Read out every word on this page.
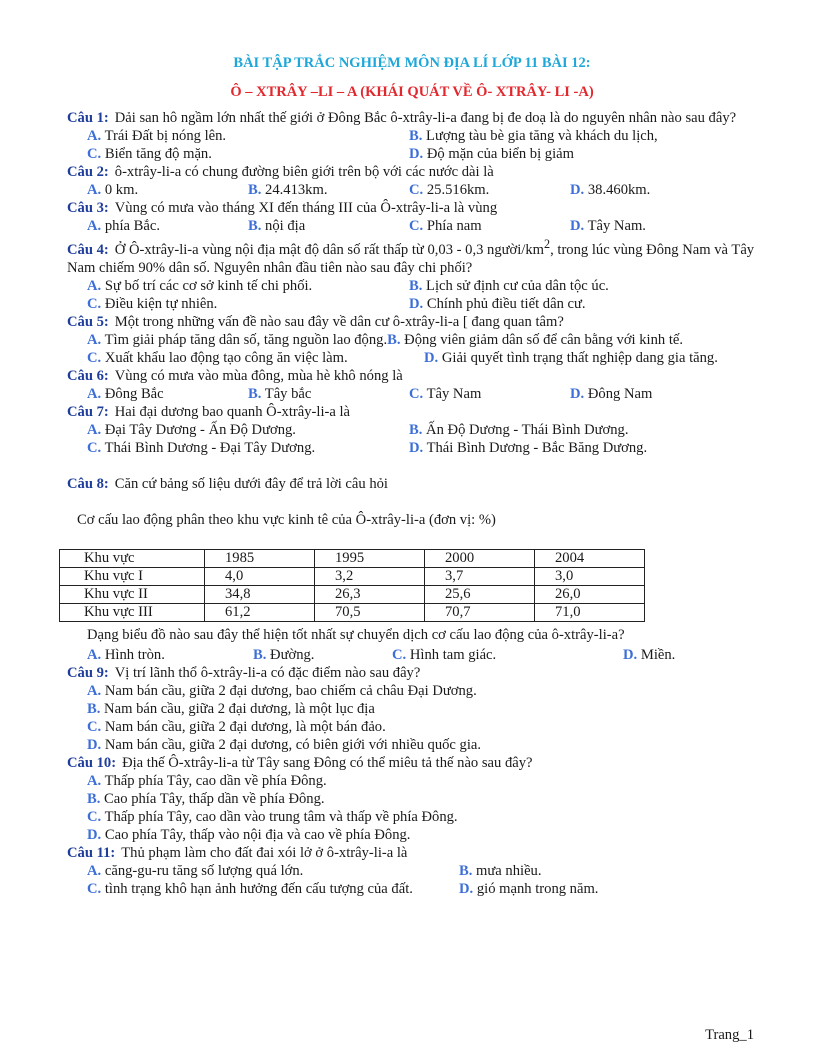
BÀI TẬP TRẮC NGHIỆM MÔN ĐỊA LÍ LỚP 11 BÀI 12:
Ô – XTRÂY –LI – A (KHÁI QUÁT VỀ Ô- XTRÂY- LI -A)

Câu 1: Dải san hô ngầm lớn nhất thế giới ở Đông Bắc ô-xtrây-li-a đang bị đe doạ là do nguyên nhân nào sau đây?

A. Trái Đất bị nóng lên.	B. Lượng tàu bè gia tăng và khách du lịch,
C. Biển tăng độ mặn.	D. Độ mặn của biển bị giảm

Câu 2: ô-xtrây-li-a có chung đường biên giới trên bộ với các nước dài là

A. 0 km.	B. 24.413km.	C. 25.516km.	D. 38.460km.

Câu 3: Vùng có mưa vào tháng XI đến tháng III của Ô-xtrây-li-a là vùng

A. phía Bắc.	B. nội địa	C. Phía nam	D. Tây Nam.

Câu 4: Ở Ô-xtrây-li-a vùng nội địa mật độ dân số rất thấp từ 0,03 - 0,3 người/$km^2$, trong lúc vùng Đông Nam và Tây Nam chiếm 90% dân số. Nguyên nhân đầu tiên nào sau đây chi phối?

A. Sự bố trí các cơ sở kinh tế chi phối.	B. Lịch sử định cư của dân tộc úc.
C. Điều kiện tự nhiên.	D. Chính phủ điều tiết dân cư.

Câu 5: Một trong những vấn đề nào sau đây về dân cư ô-xtrây-li-a [ đang quan tâm?

A. Tìm giải pháp tăng dân số, tăng nguồn lao động.B. Động viên giảm dân số để cân bằng với kinh tế.
C. Xuất khẩu lao động tạo công ăn việc làm.	D. Giải quyết tình trạng thất nghiệp dang gia tăng.

Câu 6: Vùng có mưa vào mùa đông, mùa hè khô nóng là

A. Đông Bắc	B. Tây bắc	C. Tây Nam	D. Đông Nam

Câu 7: Hai đại dương bao quanh Ô-xtrây-li-a là

A. Đại Tây Dương - Ấn Độ Dương.	B. Ấn Độ Dương - Thái Bình Dương.
C. Thái Bình Dương - Đại Tây Dương.	D. Thái Bình Dương - Bắc Băng Dương.

Câu 8: Căn cứ bảng số liệu dưới đây để trả lời câu hỏi

Cơ cấu lao động phân theo khu vực kinh tê của Ô-xtrây-li-a (đơn vị: %)

Khu vực	1985	1995	2000	2004
Khu vực I	4,0	3,2	3,7	3,0
Khu vực II	34,8	26,3	25,6	26,0
Khu vực III	61,2	70,5	70,7	71,0
Dạng biểu đồ nào sau đây thể hiện tốt nhất sự chuyển dịch cơ cấu lao động của ô-xtrây-li-a?
A. Hình tròn.	B. Đường.	C. Hình tam giác.	D. Miền.

Câu 9: Vị trí lãnh thổ ô-xtrây-li-a có đặc điểm nào sau đây?

A. Nam bán cầu, giữa 2 đại dương, bao chiếm cả châu Đại Dương.
B. Nam bán cầu, giữa 2 đại dương, là một lục địa
C. Nam bán cầu, giữa 2 đại dương, là một bán đảo.
D. Nam bán cầu, giữa 2 đại dương, có biên giới với nhiều quốc gia.

Câu 10: Địa thế Ô-xtrây-li-a từ Tây sang Đông có thể miêu tả thế nào sau đây?

A. Thấp phía Tây, cao dần về phía Đông.
B. Cao phía Tây, thấp dần về phía Đông.
C. Thấp phía Tây, cao dần vào trung tâm và thấp về phía Đông.
D. Cao phía Tây, thấp vào nội địa và cao về phía Đông.

Câu 11: Thủ phạm làm cho đất đai xói lở ở ô-xtrây-li-a là

A. căng-gu-ru tăng số lượng quá lớn.	B. mưa nhiều.
C. tình trạng khô hạn ảnh hưởng đến cấu tượng của đất.	D. gió mạnh trong năm.
Trang_1
